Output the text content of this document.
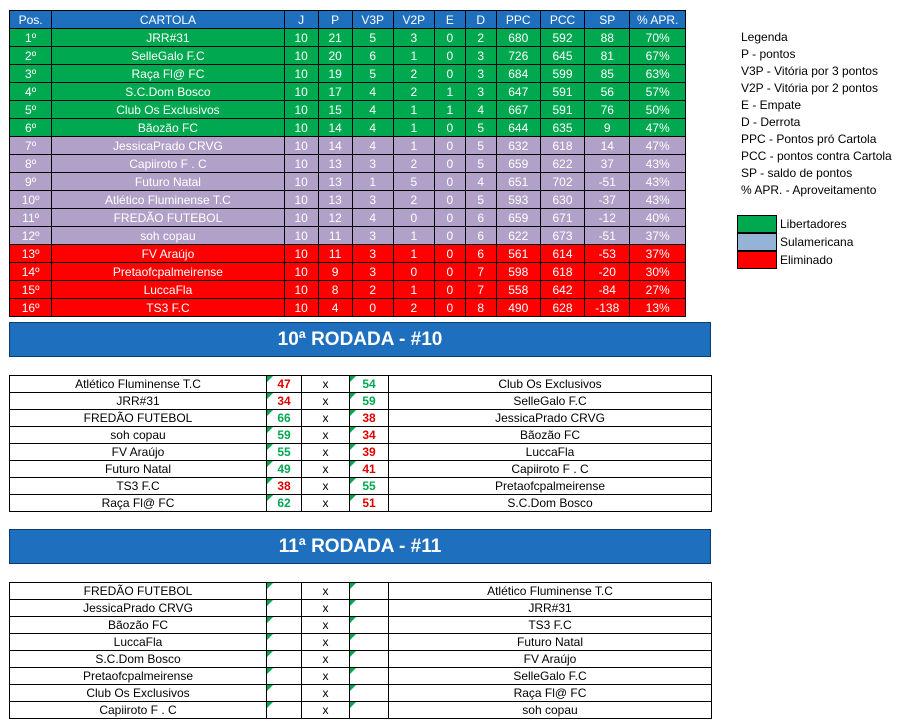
Pos.	CARTOLA	J	P	V3P	V2P	E	D	PPC	PCC	SP	% APR.
1º	JRR#31	10	21	5	3	0	2	680	592	88	70%
2º	SelleGalo F.C	10	20	6	1	0	3	726	645	81	67%
3º	Raça Fl@ FC	10	19	5	2	0	3	684	599	85	63%
4º	S.C.Dom Bosco	10	17	4	2	1	3	647	591	56	57%
5º	Club Os Exclusivos	10	15	4	1	1	4	667	591	76	50%
6º	Bãozão FC	10	14	4	1	0	5	644	635	9	47%
7º	JessicaPrado CRVG	10	14	4	1	0	5	632	618	14	47%
8º	Capiiroto F . C	10	13	3	2	0	5	659	622	37	43%
9º	Futuro Natal	10	13	1	5	0	4	651	702	-51	43%
10º	Atlético Fluminense T.C	10	13	3	2	0	5	593	630	-37	43%
11º	FREDÃO FUTEBOL	10	12	4	0	0	6	659	671	-12	40%
12º	soh copau	10	11	3	1	0	6	622	673	-51	37%
13º	FV Araújo	10	11	3	1	0	6	561	614	-53	37%
14º	Pretaofcpalmeirense	10	9	3	0	0	7	598	618	-20	30%
15º	LuccaFla	10	8	2	1	0	7	558	642	-84	27%
16º	TS3 F.C	10	4	0	2	0	8	490	628	-138	13%
Legenda
P - pontos
V3P - Vitória por 3 pontos
V2P - Vitória por 2 pontos
E - Empate
D - Derrota
PPC - Pontos pró Cartola
PCC - pontos contra Cartola
SP - saldo de pontos
% APR. - Aproveitamento
Libertadores
Sulamericana
Eliminado
10ª RODADA - #10
Atlético Fluminense T.C	47	x	54	Club Os Exclusivos
JRR#31	34	x	59	SelleGalo F.C
FREDÃO FUTEBOL	66	x	38	JessicaPrado CRVG
soh copau	59	x	34	Bãozão FC
FV Araújo	55	x	39	LuccaFla
Futuro Natal	49	x	41	Capiiroto F . C
TS3 F.C	38	x	55	Pretaofcpalmeirense
Raça Fl@ FC	62	x	51	S.C.Dom Bosco
11ª RODADA - #11
FREDÃO FUTEBOL		x		Atlético Fluminense T.C
JessicaPrado CRVG		x		JRR#31
Bãozão FC		x		TS3 F.C
LuccaFla		x		Futuro Natal
S.C.Dom Bosco		x		FV Araújo
Pretaofcpalmeirense		x		SelleGalo F.C
Club Os Exclusivos		x		Raça Fl@ FC
Capiiroto F . C		x		soh copau
